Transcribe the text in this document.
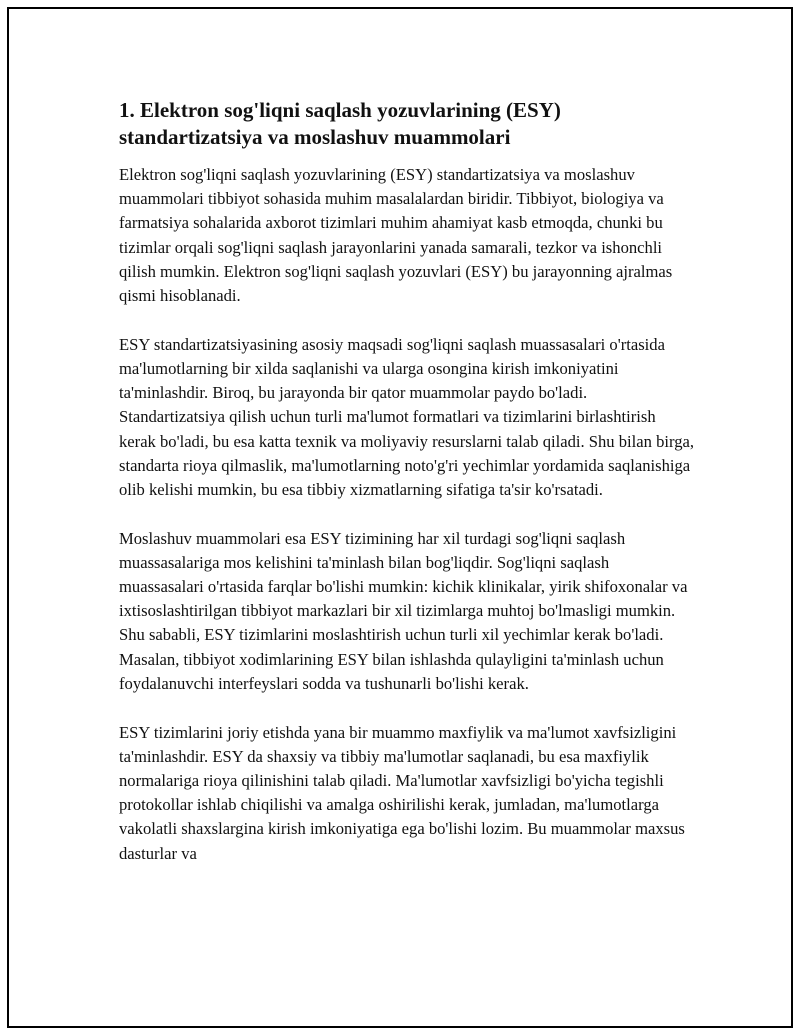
1. Elektron sog'liqni saqlash yozuvlarining (ESY)
standartizatsiya va moslashuv muammolari

Elektron sog'liqni saqlash yozuvlarining (ESY) standartizatsiya va moslashuv muammolari tibbiyot sohasida muhim masalalardan biridir. Tibbiyot, biologiya va farmatsiya sohalarida axborot tizimlari muhim ahamiyat kasb etmoqda, chunki bu tizimlar orqali sog'liqni saqlash jarayonlarini yanada samarali, tezkor va ishonchli qilish mumkin. Elektron sog'liqni saqlash yozuvlari (ESY) bu jarayonning ajralmas qismi hisoblanadi.

ESY standartizatsiyasining asosiy maqsadi sog'liqni saqlash muassasalari o'rtasida ma'lumotlarning bir xilda saqlanishi va ularga osongina kirish imkoniyatini ta'minlashdir. Biroq, bu jarayonda bir qator muammolar paydo bo'ladi. Standartizatsiya qilish uchun turli ma'lumot formatlari va tizimlarini birlashtirish kerak bo'ladi, bu esa katta texnik va moliyaviy resurslarni talab qiladi. Shu bilan birga, standarta rioya qilmaslik, ma'lumotlarning noto'g'ri yechimlar yordamida saqlanishiga olib kelishi mumkin, bu esa tibbiy xizmatlarning sifatiga ta'sir ko'rsatadi.

Moslashuv muammolari esa ESY tizimining har xil turdagi sog'liqni saqlash muassasalariga mos kelishini ta'minlash bilan bog'liqdir. Sog'liqni saqlash muassasalari o'rtasida farqlar bo'lishi mumkin: kichik klinikalar, yirik shifoxonalar va ixtisoslashtirilgan tibbiyot markazlari bir xil tizimlarga muhtoj bo'lmasligi mumkin. Shu sababli, ESY tizimlarini moslashtirish uchun turli xil yechimlar kerak bo'ladi. Masalan, tibbiyot xodimlarining ESY bilan ishlashda qulayligini ta'minlash uchun foydalanuvchi interfeyslari sodda va tushunarli bo'lishi kerak.

ESY tizimlarini joriy etishda yana bir muammo maxfiylik va ma'lumot xavfsizligini ta'minlashdir. ESY da shaxsiy va tibbiy ma'lumotlar saqlanadi, bu esa maxfiylik normalariga rioya qilinishini talab qiladi. Ma'lumotlar xavfsizligi bo'yicha tegishli protokollar ishlab chiqilishi va amalga oshirilishi kerak, jumladan, ma'lumotlarga vakolatli shaxslargina kirish imkoniyatiga ega bo'lishi lozim. Bu muammolar maxsus dasturlar va
